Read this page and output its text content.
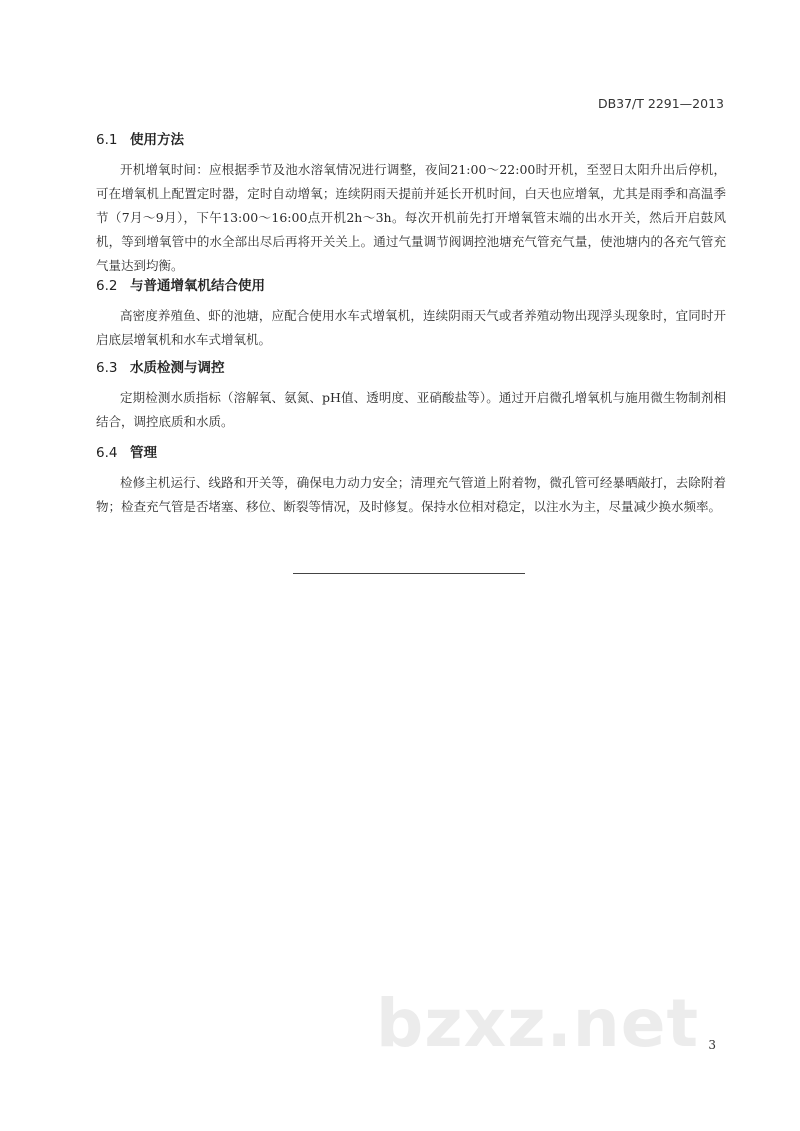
DB37/T 2291—2013
6.1 使用方法

开机增氧时间：应根据季节及池水溶氧情况进行调整，夜间21:00～22:00时开机，至翌日太阳升出后停机，可在增氧机上配置定时器，定时自动增氧；连续阴雨天提前并延长开机时间，白天也应增氧，尤其是雨季和高温季节（7月～9月），下午13:00～16:00点开机2h～3h。每次开机前先打开增氧管末端的出水开关，然后开启鼓风机，等到增氧管中的水全部出尽后再将开关关上。通过气量调节阀调控池塘充气管充气量，使池塘内的各充气管充气量达到均衡。

6.2 与普通增氧机结合使用

高密度养殖鱼、虾的池塘，应配合使用水车式增氧机，连续阴雨天气或者养殖动物出现浮头现象时，宜同时开启底层增氧机和水车式增氧机。

6.3 水质检测与调控

定期检测水质指标（溶解氧、氨氮、pH值、透明度、亚硝酸盐等）。通过开启微孔增氧机与施用微生物制剂相结合，调控底质和水质。

6.4 管理

检修主机运行、线路和开关等，确保电力动力安全；清理充气管道上附着物，微孔管可经暴晒敲打，去除附着物；检查充气管是否堵塞、移位、断裂等情况，及时修复。保持水位相对稳定，以注水为主，尽量减少换水频率。

bzxz.net 3
